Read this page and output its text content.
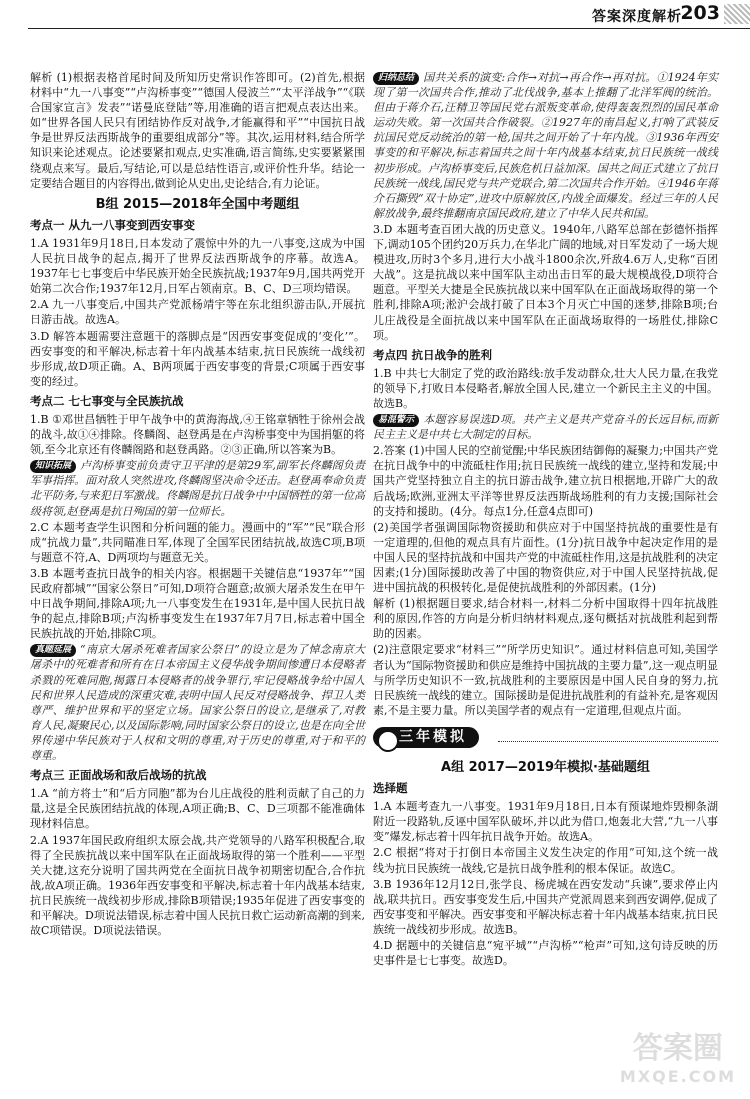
答案深度解析
203

解析 (1)根据表格首尾时间及所知历史常识作答即可。(2)首先,根据材料中“九一八事变”“卢沟桥事变”“德国人侵波兰”“太平洋战争”“《联合国家宣言》发表”“诺曼底登陆”等,用准确的语言把观点表达出来。如“世界各国人民只有团结协作反对战争,才能赢得和平”“中国抗日战争是世界反法西斯战争的重要组成部分”等。其次,运用材料,结合所学知识来论述观点。论述要紧扣观点,史实准确,语言简练,史实要紧紧围绕观点来写。最后,写结论,可以是总结性语言,或评价性升华。结论一定要结合题目的内容得出,做到论从史出,史论结合,有力论证。

B组 2015—2018年全国中考题组
考点一 从九一八事变到西安事变

1.A 1931年9月18日,日本发动了震惊中外的九一八事变,这成为中国人民抗日战争的起点,揭开了世界反法西斯战争的序幕。故选A。1937年七七事变后中华民族开始全民族抗战;1937年9月,国共两党开始第二次合作;1937年12月,日军占领南京。B、C、D三项均错误。

2.A 九一八事变后,中国共产党派杨靖宇等在东北组织游击队,开展抗日游击战。故选A。

3.D 解答本题需要注意题干的落脚点是“因西安事变促成的‘变化’”。西安事变的和平解决,标志着十年内战基本结束,抗日民族统一战线初步形成,故D项正确。A、B两项属于西安事变的背景;C项属于西安事变的经过。

考点二 七七事变与全民族抗战

1.B ①邓世昌牺牲于甲午战争中的黄海海战,④王铭章牺牲于徐州会战的战斗,故①④排除。佟麟阁、赵登禹是在卢沟桥事变中为国捐躯的将领,至今北京还有佟麟阁路和赵登禹路。②③正确,所以答案为B。

知识拓展 卢沟桥事变前负责守卫平津的是第29军,副军长佟麟阁负责军事指挥。面对敌人突然进攻,佟麟阁坚决命令还击。赵登禹奉命负责北平防务,与来犯日军激战。佟麟阁是抗日战争中中国牺牲的第一位高级将领,赵登禹是抗日殉国的第一位师长。

2.C 本题考查学生识图和分析问题的能力。漫画中的“军”“民”联合形成“抗战力量”,共同瞄准日军,体现了全国军民团结抗战,故选C项,B项与题意不符,A、D两项均与题意无关。

3.B 本题考查抗日战争的相关内容。根据题干关键信息“1937年”“国民政府都城”“国家公祭日”可知,D项符合题意;故颁大屠杀发生在甲午中日战争期间,排除A项;九一八事变发生在1931年,是中国人民抗日战争的起点,排除B项;卢沟桥事变发生在1937年7月7日,标志着中国全民族抗战的开始,排除C项。

真题延展 “南京大屠杀死难者国家公祭日”的设立是为了悼念南京大屠杀中的死难者和所有在日本帝国主义侵华战争期间惨遭日本侵略者杀戮的死难同胞,揭露日本侵略者的战争罪行,牢记侵略战争给中国人民和世界人民造成的深重灾难,表明中国人民反对侵略战争、捍卫人类尊严、维护世界和平的坚定立场。国家公祭日的设立,是继承了,对教育人民,凝聚民心,以及国际影响,同时国家公祭日的设立,也是在向全世界传递中华民族对于人权和文明的尊重,对于历史的尊重,对于和平的尊重。

考点三 正面战场和敌后战场的抗战

1.A “前方将士”和“后方同胞”都为台儿庄战役的胜利贡献了自己的力量,这是全民族团结抗战的体现,A项正确;B、C、D三项都不能准确体现材料信息。

2.A 1937年国民政府组织太原会战,共产党领导的八路军积极配合,取得了全民族抗战以来中国军队在正面战场取得的第一个胜利——平型关大捷,这充分说明了国共两党在全面抗日战争初期密切配合,合作抗战,故A项正确。1936年西安事变和平解决,标志着十年内战基本结束,抗日民族统一战线初步形成,排除B项错误;1935年促进了西安事变的和平解决。D项说法错误,标志着中国人民抗日救亡运动新高潮的到来,故C项错误。D项说法错误。

归纳总结 国共关系的演变:合作→对抗→再合作→再对抗。①1924年实现了第一次国共合作,推动了北伐战争,基本上推翻了北洋军阀的统治。但由于蒋介石,汪精卫等国民党右派叛变革命,使得轰轰烈烈的国民革命运动失败。第一次国共合作破裂。②1927年的南昌起义,打响了武装反抗国民党反动统治的第一枪,国共之间开始了十年内战。③1936年西安事变的和平解决,标志着国共之间十年内战基本结束,抗日民族统一战线初步形成。卢沟桥事变后,民族危机日益加深。国共之间正式建立了抗日民族统一战线,国民党与共产党联合,第二次国共合作开始。④1946年蒋介石撕毁“双十协定”,进攻中原解放区,内战全面爆发。经过三年的人民解放战争,最终推翻南京国民政府,建立了中华人民共和国。

3.D 本题考查百团大战的历史意义。1940年,八路军总部在彭德怀指挥下,调动105个团约20万兵力,在华北广阔的地域,对日军发动了一场大规模进攻,历时3个多月,进行大小战斗1800余次,歼敌4.6万人,史称“百团大战”。这是抗战以来中国军队主动出击日军的最大规模战役,D项符合题意。平型关大捷是全民族抗战以来中国军队在正面战场取得的第一个胜利,排除A项;淞沪会战打破了日本3个月灭亡中国的迷梦,排除B项;台儿庄战役是全面抗战以来中国军队在正面战场取得的一场胜仗,排除C项。

考点四 抗日战争的胜利

1.B 中共七大制定了党的政治路线:放手发动群众,壮大人民力量,在我党的领导下,打败日本侵略者,解放全国人民,建立一个新民主主义的中国。故选B。

易混警示 本题容易误选D项。共产主义是共产党奋斗的长远目标,而新民主主义是中共七大制定的目标。

2.答案 (1)中国人民的空前觉醒;中华民族团结御侮的凝聚力;中国共产党在抗日战争中的中流砥柱作用;抗日民族统一战线的建立,坚持和发展;中国共产党坚持独立自主的抗日游击战争,建立抗日根据地,开辟广大的敌后战场;欧洲,亚洲太平洋等世界反法西斯战场胜利的有力支援;国际社会的支持和援助。(4分。每点1分,任意4点即可)

(2)美国学者强调国际物资援助和供应对于中国坚持抗战的重要性是有一定道理的,但他的观点具有片面性。(1分)抗日战争中起决定作用的是中国人民的坚持抗战和中国共产党的中流砥柱作用,这是抗战胜利的决定因素;(1分)国际援助改善了中国的物资供应,对于中国人民坚持抗战,促进中国抗战的积极转化,是促使抗战胜利的外部因素。(1分)

解析 (1)根据题目要求,结合材料一,材料二分析中国取得十四年抗战胜利的原因,作答的方向是分析归纳材料观点,逐句概括对抗战胜利起到帮助的因素。

(2)注意限定要求“材料三”“所学历史知识”。通过材料信息可知,美国学者认为“国际物资援助和供应是维持中国抗战的主要力量”,这一观点明显与所学历史知识不一致,抗战胜利的主要原因是中国人民自身的努力,抗日民族统一战线的建立。国际援助是促进抗战胜利的有益补充,是客观因素,不是主要力量。所以美国学者的观点有一定道理,但观点片面。

三年模拟
A组 2017—2019年模拟·基础题组
选择题

1.A 本题考查九一八事变。1931年9月18日,日本有预谋地炸毁柳条湖附近一段路轨,反诬中国军队破坏,并以此为借口,炮轰北大营,“九一八事变”爆发,标志着十四年抗日战争开始。故选A。

2.C 根据“将对于打倒日本帝国主义发生决定的作用”可知,这个统一战线为抗日民族统一战线,它是抗日战争胜利的根本保证。故选C。

3.B 1936年12月12日,张学良、杨虎城在西安发动“兵谏”,要求停止内战,联共抗日。西安事变发生后,中国共产党派周恩来到西安调停,促成了西安事变和平解决。西安事变和平解决标志着十年内战基本结束,抗日民族统一战线初步形成。故选B。

4.D 据题中的关键信息“宛平城”“卢沟桥”“枪声”可知,这句诗反映的历史事件是七七事变。故选D。

答案圈
MXQE.COM
